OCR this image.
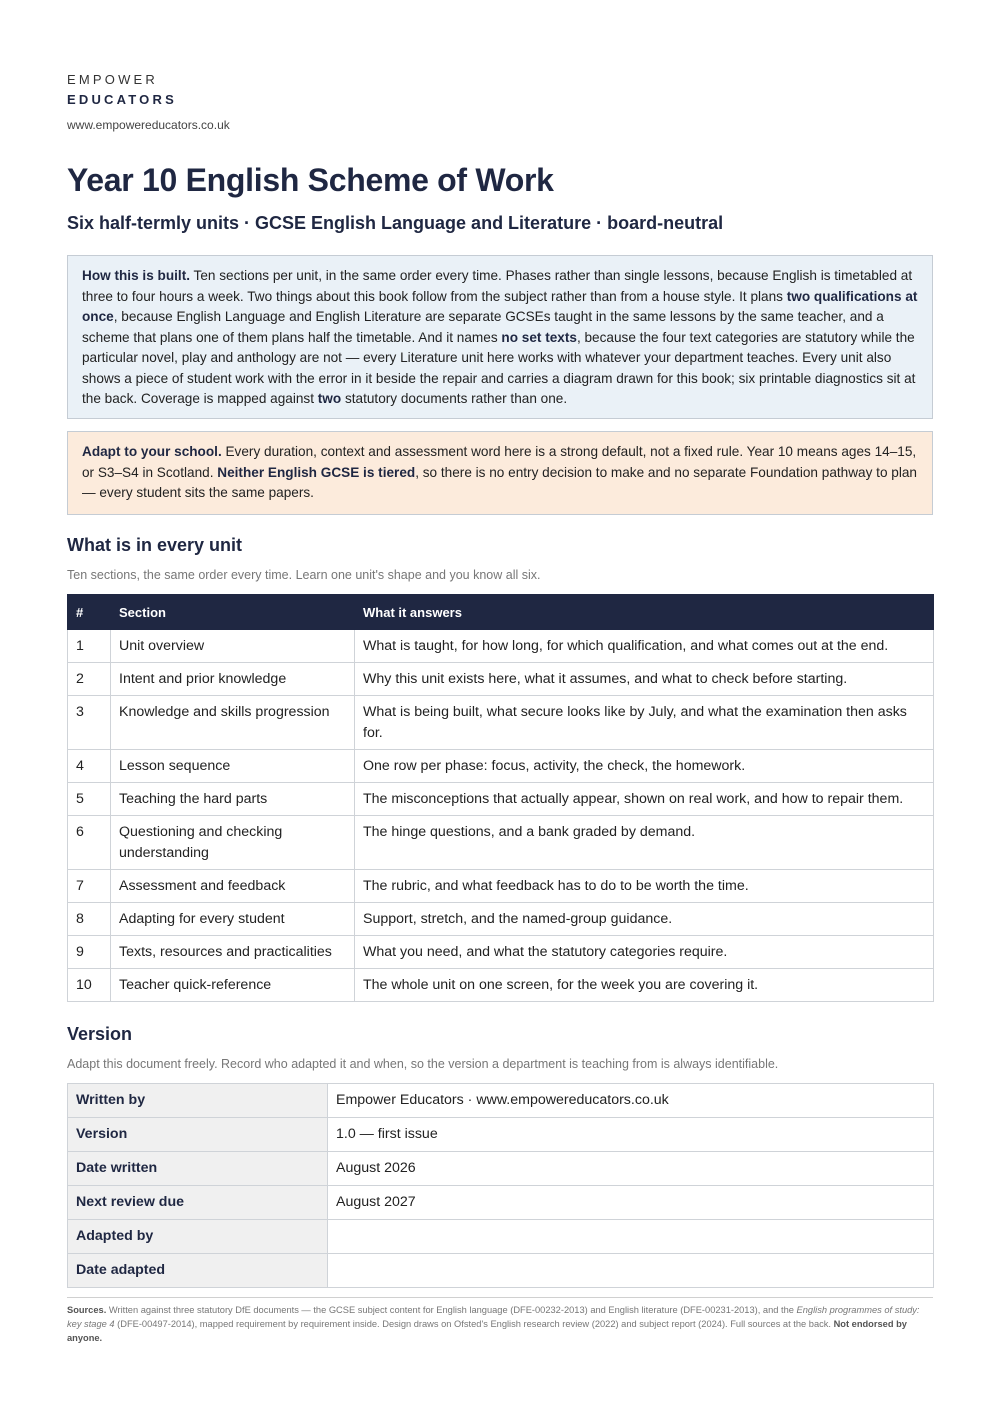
EMPOWER
EDUCATORS
www.empowereducators.co.uk
Year 10 English Scheme of Work
Six half-termly units · GCSE English Language and Literature · board-neutral
How this is built. Ten sections per unit, in the same order every time. Phases rather than single lessons, because English is timetabled at three to four hours a week. Two things about this book follow from the subject rather than from a house style. It plans two qualifications at once, because English Language and English Literature are separate GCSEs taught in the same lessons by the same teacher, and a scheme that plans one of them plans half the timetable. And it names no set texts, because the four text categories are statutory while the particular novel, play and anthology are not — every Literature unit here works with whatever your department teaches. Every unit also shows a piece of student work with the error in it beside the repair and carries a diagram drawn for this book; six printable diagnostics sit at the back. Coverage is mapped against two statutory documents rather than one.
Adapt to your school. Every duration, context and assessment word here is a strong default, not a fixed rule. Year 10 means ages 14–15, or S3–S4 in Scotland. Neither English GCSE is tiered, so there is no entry decision to make and no separate Foundation pathway to plan — every student sits the same papers.
What is in every unit
Ten sections, the same order every time. Learn one unit's shape and you know all six.
#	Section	What it answers
1	Unit overview	What is taught, for how long, for which qualification, and what comes out at the end.
2	Intent and prior knowledge	Why this unit exists here, what it assumes, and what to check before starting.
3	Knowledge and skills progression	What is being built, what secure looks like by July, and what the examination then asks for.
4	Lesson sequence	One row per phase: focus, activity, the check, the homework.
5	Teaching the hard parts	The misconceptions that actually appear, shown on real work, and how to repair them.
6	Questioning and checking understanding	The hinge questions, and a bank graded by demand.
7	Assessment and feedback	The rubric, and what feedback has to do to be worth the time.
8	Adapting for every student	Support, stretch, and the named-group guidance.
9	Texts, resources and practicalities	What you need, and what the statutory categories require.
10	Teacher quick-reference	The whole unit on one screen, for the week you are covering it.
Version
Adapt this document freely. Record who adapted it and when, so the version a department is teaching from is always identifiable.
Written by	Empower Educators · www.empowereducators.co.uk
Version	1.0 — first issue
Date written	August 2026
Next review due	August 2027
Adapted by	
Date adapted	
Sources. Written against three statutory DfE documents — the GCSE subject content for English language (DFE-00232-2013) and English literature (DFE-00231-2013), and the English programmes of study: key stage 4 (DFE-00497-2014), mapped requirement by requirement inside. Design draws on Ofsted's English research review (2022) and subject report (2024). Full sources at the back. Not endorsed by anyone.
